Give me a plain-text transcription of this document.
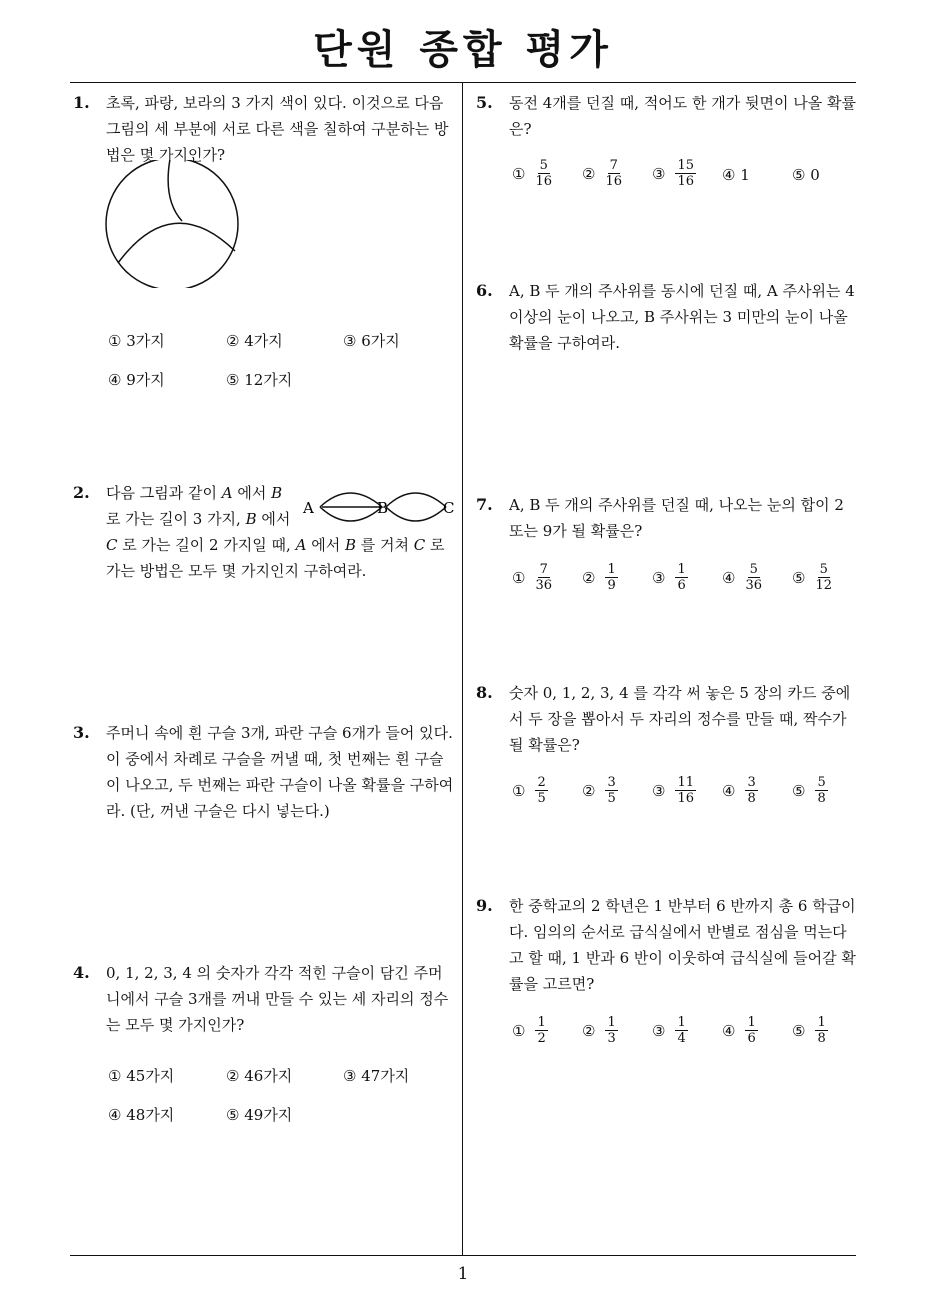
단원 종합 평가
1
1. 초록, 파랑, 보라의 3 가지 색이 있다. 이것으로 다음 그림의 세 부분에 서로 다른 색을 칠하여 구분하는 방법은 몇 가지인가?
①
3가지	②
4가지	③
6가지
④
9가지	⑤
12가지
2. 다음 그림과 같이 A 에서 B
로 가는 길이 3 가지, B 에서
C 로 가는 길이 2 가지일 때, A 에서 B 를 거쳐 C 로 가는 방법은 모두 몇 가지인지 구하여라.
A	B	C
3. 주머니 속에 흰 구슬 3개, 파란 구슬 6개가 들어 있다. 이 중에서 차례로 구슬을 꺼낼 때, 첫 번째는 흰 구슬이 나오고, 두 번째는 파란 구슬이 나올 확률을 구하여라. (단, 꺼낸 구슬은 다시 넣는다.)
4. 0, 1, 2, 3, 4 의 숫자가 각각 적힌 구슬이 담긴 주머니에서 구슬 3개를 꺼내 만들 수 있는 세 자리의 정수는 모두 몇 가지인가?
①
45가지	②
46가지	③
47가지
④
48가지	⑤
49가지
5. 동전 4개를 던질 때, 적어도 한 개가 뒷면이 나올 확률은?
① $\frac{5}{16}$ ② $\frac{7}{16}$ ③ $\frac{15}{16}$ ④
1	⑤
0
6. A, B 두 개의 주사위를 동시에 던질 때, A 주사위는 4 이상의 눈이 나오고, B 주사위는 3 미만의 눈이 나올 확률을 구하여라.
7. A, B 두 개의 주사위를 던질 때, 나오는 눈의 합이 2 또는 9가 될 확률은?
① $\frac{7}{36}$ ② $\frac{1}{9}$ ③ $\frac{1}{6}$ ④ $\frac{5}{36}$ ⑤ $\frac{5}{12}$
8. 숫자 0, 1, 2, 3, 4 를 각각 써 놓은 5 장의 카드 중에서 두 장을 뽑아서 두 자리의 정수를 만들 때, 짝수가 될 확률은?
① $\frac{2}{5}$ ② $\frac{3}{5}$ ③ $\frac{11}{16}$ ④ $\frac{3}{8}$ ⑤ $\frac{5}{8}$
9. 한 중학교의 2 학년은 1 반부터 6 반까지 총 6 학급이다. 임의의 순서로 급식실에서 반별로 점심을 먹는다고 할 때, 1 반과 6 반이 이웃하여 급식실에 들어갈 확률을 고르면?
① $\frac{1}{2}$ ② $\frac{1}{3}$ ③ $\frac{1}{4}$ ④ $\frac{1}{6}$ ⑤ $\frac{1}{8}$
